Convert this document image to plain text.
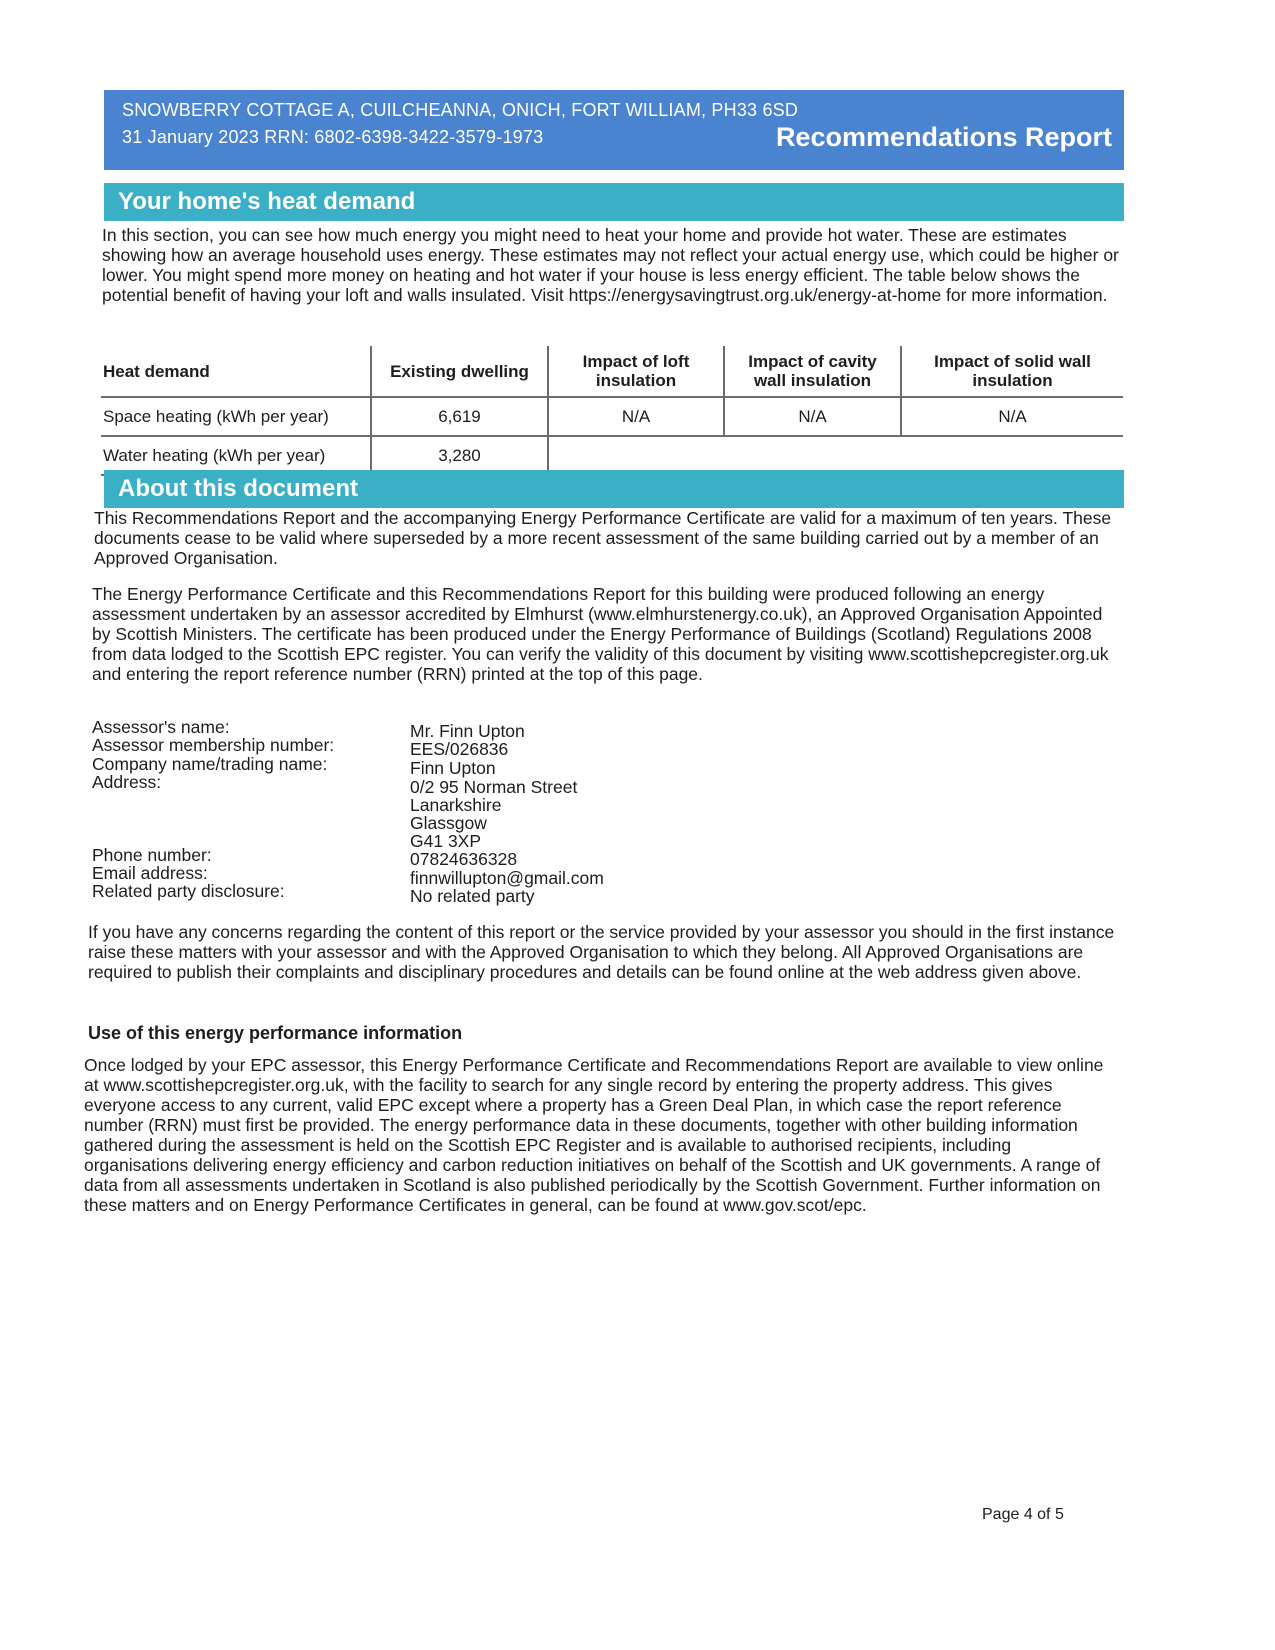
SNOWBERRY COTTAGE A, CUILCHEANNA, ONICH, FORT WILLIAM, PH33 6SD
31 January 2023 RRN: 6802-6398-3422-3579-1973	Recommendations Report
Your home's heat demand
In this section, you can see how much energy you might need to heat your home and provide hot water. These are estimates showing how an average household uses energy. These estimates may not reflect your actual energy use, which could be higher or lower. You might spend more money on heating and hot water if your house is less energy efficient. The table below shows the potential benefit of having your loft and walls insulated. Visit https://energysavingtrust.org.uk/energy-at-home for more information.
Heat demand	Existing dwelling	Impact of loft insulation	Impact of cavity wall insulation	Impact of solid wall insulation
Space heating (kWh per year)	6,619	N/A	N/A	N/A
Water heating (kWh per year)	3,280			
About this document
This Recommendations Report and the accompanying Energy Performance Certificate are valid for a maximum of ten years. These documents cease to be valid where superseded by a more recent assessment of the same building carried out by a member of an Approved Organisation.
The Energy Performance Certificate and this Recommendations Report for this building were produced following an energy assessment undertaken by an assessor accredited by Elmhurst (www.elmhurstenergy.co.uk), an Approved Organisation Appointed by Scottish Ministers. The certificate has been produced under the Energy Performance of Buildings (Scotland) Regulations 2008 from data lodged to the Scottish EPC register. You can verify the validity of this document by visiting www.scottishepcregister.org.uk and entering the report reference number (RRN) printed at the top of this page.
Assessor's name:	Mr. Finn Upton
Assessor membership number:	EES/026836
Company name/trading name:	Finn Upton
Address:	0/2 95 Norman Street
Lanarkshire
Glassgow
G41 3XP
Phone number:	07824636328
Email address:	finnwillupton@gmail.com
Related party disclosure:	No related party
If you have any concerns regarding the content of this report or the service provided by your assessor you should in the first instance raise these matters with your assessor and with the Approved Organisation to which they belong. All Approved Organisations are required to publish their complaints and disciplinary procedures and details can be found online at the web address given above.
Use of this energy performance information
Once lodged by your EPC assessor, this Energy Performance Certificate and Recommendations Report are available to view online at www.scottishepcregister.org.uk, with the facility to search for any single record by entering the property address. This gives everyone access to any current, valid EPC except where a property has a Green Deal Plan, in which case the report reference number (RRN) must first be provided. The energy performance data in these documents, together with other building information gathered during the assessment is held on the Scottish EPC Register and is available to authorised recipients, including organisations delivering energy efficiency and carbon reduction initiatives on behalf of the Scottish and UK governments. A range of data from all assessments undertaken in Scotland is also published periodically by the Scottish Government. Further information on these matters and on Energy Performance Certificates in general, can be found at www.gov.scot/epc.
Page 4 of 5
